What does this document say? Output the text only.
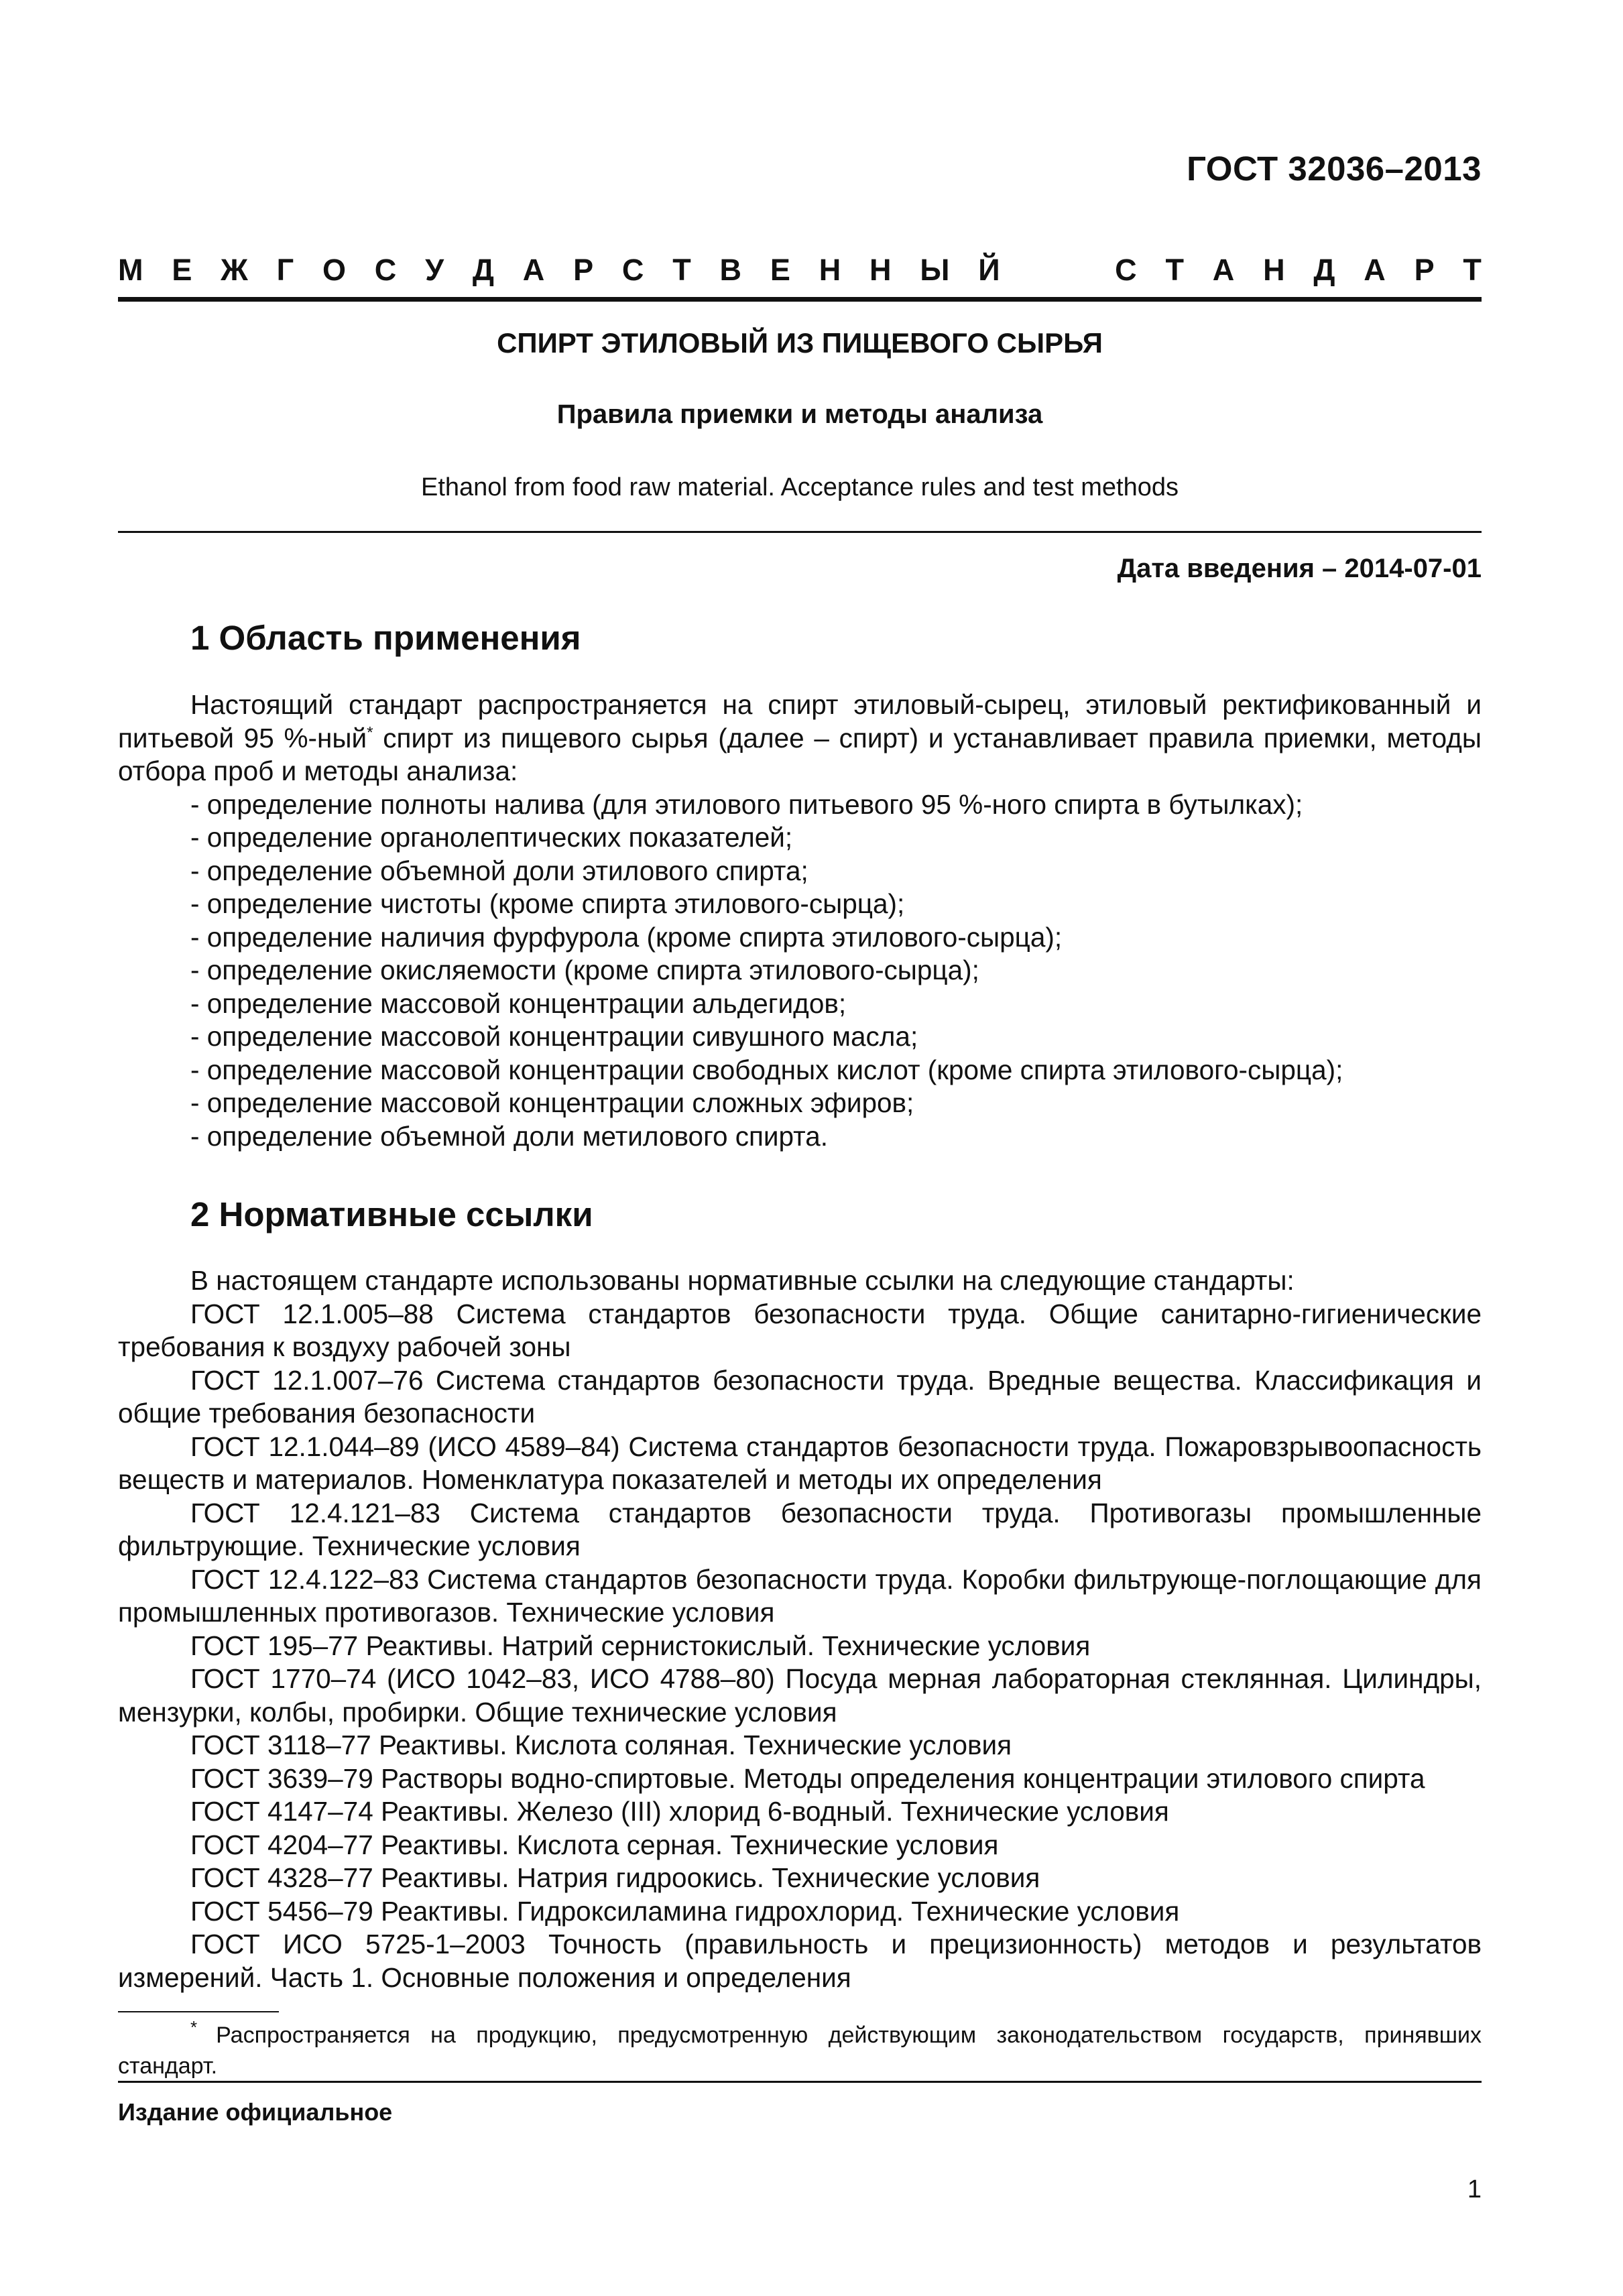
ГОСТ 32036–2013
М Е Ж Г О С У Д А Р С Т В Е Н Н Ы Й	С Т А Н Д А Р Т
СПИРТ ЭТИЛОВЫЙ ИЗ ПИЩЕВОГО СЫРЬЯ
Правила приемки и методы анализа
Ethanol from food raw material. Acceptance rules and test methods
Дата введения – 2014-07-01
1 Область применения

Настоящий стандарт распространяется на спирт этиловый-сырец, этиловый ректификованный и питьевой 95 %-ный* спирт из пищевого сырья (далее – спирт) и устанавливает правила приемки, методы отбора проб и методы анализа:

- определение полноты налива (для этилового питьевого 95 %-ного спирта в бутылках);
- определение органолептических показателей;
- определение объемной доли этилового спирта;
- определение чистоты (кроме спирта этилового-сырца);
- определение наличия фурфурола (кроме спирта этилового-сырца);
- определение окисляемости (кроме спирта этилового-сырца);
- определение массовой концентрации альдегидов;
- определение массовой концентрации сивушного масла;
- определение массовой концентрации свободных кислот (кроме спирта этилового-сырца);
- определение массовой концентрации сложных эфиров;
- определение объемной доли метилового спирта.
2 Нормативные ссылки

В настоящем стандарте использованы нормативные ссылки на следующие стандарты:

ГОСТ 12.1.005–88 Система стандартов безопасности труда. Общие санитарно-гигиенические требования к воздуху рабочей зоны

ГОСТ 12.1.007–76 Система стандартов безопасности труда. Вредные вещества. Классификация и общие требования безопасности

ГОСТ 12.1.044–89 (ИСО 4589–84) Система стандартов безопасности труда. Пожаровзрывоопасность веществ и материалов. Номенклатура показателей и методы их определения

ГОСТ 12.4.121–83 Система стандартов безопасности труда. Противогазы промышленные фильтрующие. Технические условия

ГОСТ 12.4.122–83 Система стандартов безопасности труда. Коробки фильтрующе-поглощающие для промышленных противогазов. Технические условия

ГОСТ 195–77 Реактивы. Натрий сернистокислый. Технические условия

ГОСТ 1770–74 (ИСО 1042–83, ИСО 4788–80) Посуда мерная лабораторная стеклянная. Цилиндры, мензурки, колбы, пробирки. Общие технические условия

ГОСТ 3118–77 Реактивы. Кислота соляная. Технические условия

ГОСТ 3639–79 Растворы водно-спиртовые. Методы определения концентрации этилового спирта

ГОСТ 4147–74 Реактивы. Железо (III) хлорид 6-водный. Технические условия

ГОСТ 4204–77 Реактивы. Кислота серная. Технические условия

ГОСТ 4328–77 Реактивы. Натрия гидроокись. Технические условия

ГОСТ 5456–79 Реактивы. Гидроксиламина гидрохлорид. Технические условия

ГОСТ ИСО 5725-1–2003 Точность (правильность и прецизионность) методов и результатов измерений. Часть 1. Основные положения и определения

* Распространяется на продукцию, предусмотренную действующим законодательством государств, принявших стандарт.
Издание официальное
1
